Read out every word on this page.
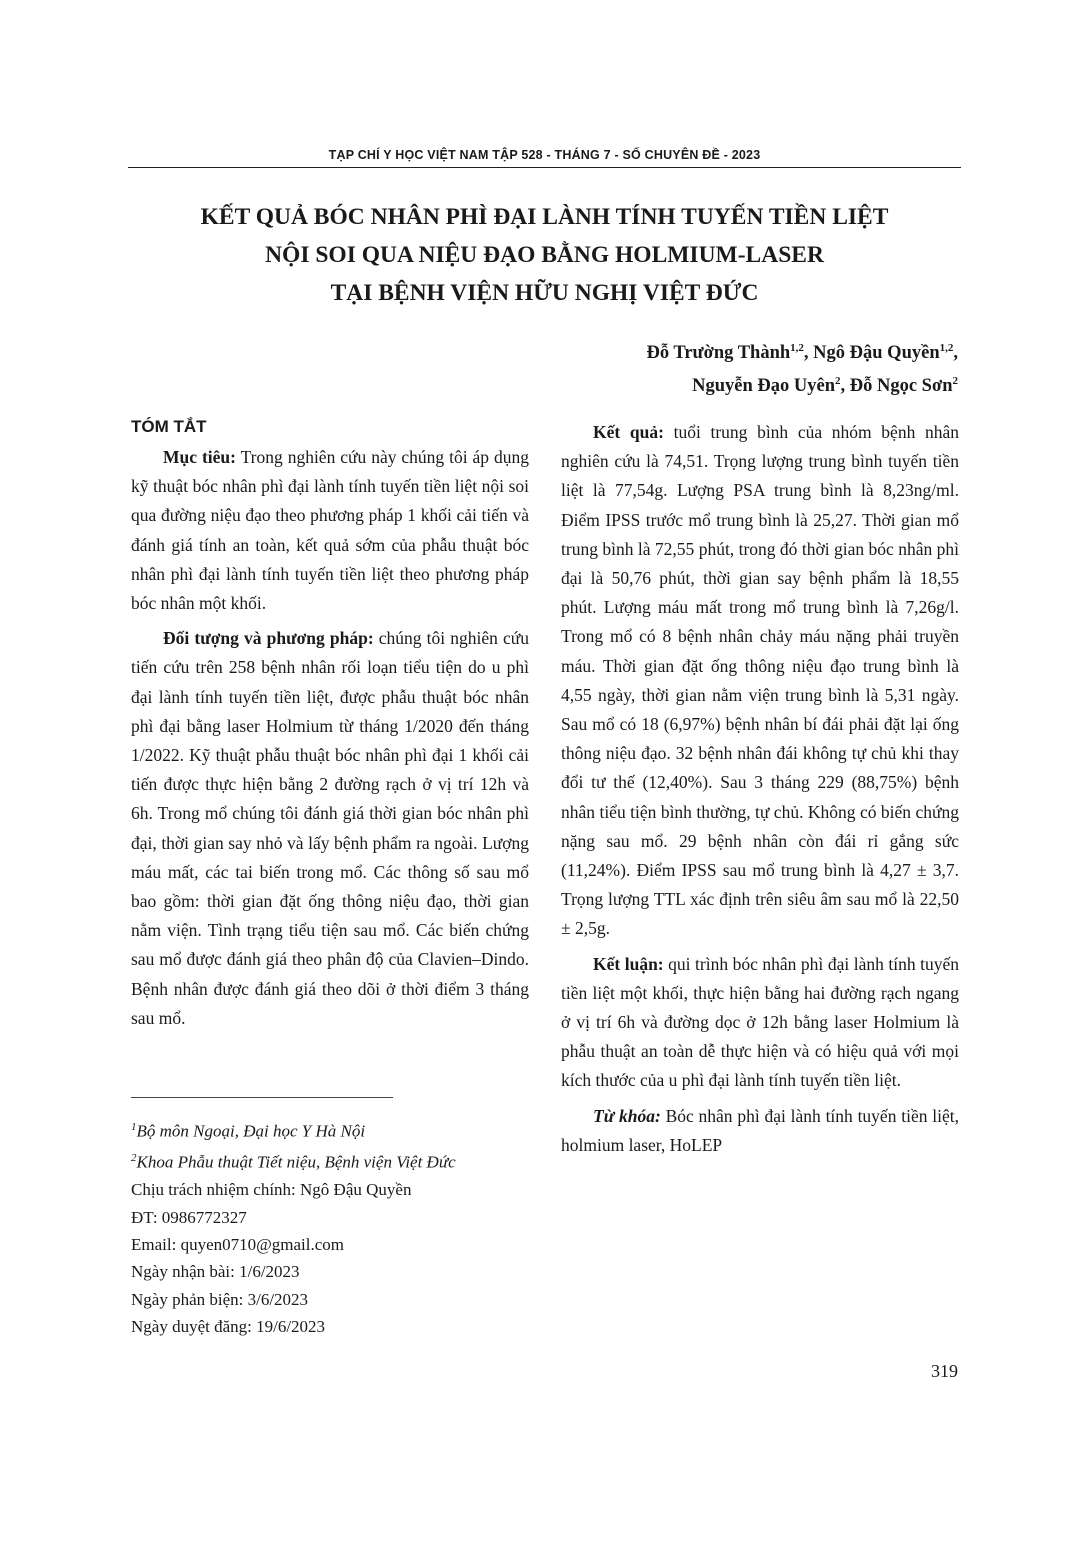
TẠP CHÍ Y HỌC VIỆT NAM TẬP 528 - THÁNG 7 - SỐ CHUYÊN ĐỀ - 2023
KẾT QUẢ BÓC NHÂN PHÌ ĐẠI LÀNH TÍNH TUYẾN TIỀN LIỆT
NỘI SOI QUA NIỆU ĐẠO BẰNG HOLMIUM-LASER
TẠI BỆNH VIỆN HỮU NGHỊ VIỆT ĐỨC
Đỗ Trường Thành$^{1,2}$, Ngô Đậu Quyền$^{1,2}$,
Nguyễn Đạo Uyên$^2$, Đỗ Ngọc Sơn$^2$
TÓM TẮT

Mục tiêu: Trong nghiên cứu này chúng tôi áp dụng kỹ thuật bóc nhân phì đại lành tính tuyến tiền liệt nội soi qua đường niệu đạo theo phương pháp 1 khối cải tiến và đánh giá tính an toàn, kết quả sớm của phẫu thuật bóc nhân phì đại lành tính tuyến tiền liệt theo phương pháp bóc nhân một khối.

Đối tượng và phương pháp: chúng tôi nghiên cứu tiến cứu trên 258 bệnh nhân rối loạn tiểu tiện do u phì đại lành tính tuyến tiền liệt, được phẫu thuật bóc nhân phì đại bằng laser Holmium từ tháng 1/2020 đến tháng 1/2022. Kỹ thuật phẫu thuật bóc nhân phì đại 1 khối cải tiến được thực hiện bằng 2 đường rạch ở vị trí 12h và 6h. Trong mổ chúng tôi đánh giá thời gian bóc nhân phì đại, thời gian say nhỏ và lấy bệnh phẩm ra ngoài. Lượng máu mất, các tai biến trong mổ. Các thông số sau mổ bao gồm: thời gian đặt ống thông niệu đạo, thời gian nằm viện. Tình trạng tiểu tiện sau mổ. Các biến chứng sau mổ được đánh giá theo phân độ của Clavien–Dindo. Bệnh nhân được đánh giá theo dõi ở thời điểm 3 tháng sau mổ.

Kết quả: tuổi trung bình của nhóm bệnh nhân nghiên cứu là 74,51. Trọng lượng trung bình tuyến tiền liệt là 77,54g. Lượng PSA trung bình là 8,23ng/ml. Điểm IPSS trước mổ trung bình là 25,27. Thời gian mổ trung bình là 72,55 phút, trong đó thời gian bóc nhân phì đại là 50,76 phút, thời gian say bệnh phẩm là 18,55 phút. Lượng máu mất trong mổ trung bình là 7,26g/l. Trong mổ có 8 bệnh nhân chảy máu nặng phải truyền máu. Thời gian đặt ống thông niệu đạo trung bình là 4,55 ngày, thời gian nằm viện trung bình là 5,31 ngày. Sau mổ có 18 (6,97%) bệnh nhân bí đái phải đặt lại ống thông niệu đạo. 32 bệnh nhân đái không tự chủ khi thay đổi tư thế (12,40%). Sau 3 tháng 229 (88,75%) bệnh nhân tiểu tiện bình thường, tự chủ. Không có biến chứng nặng sau mổ. 29 bệnh nhân còn đái rỉ gắng sức (11,24%). Điểm IPSS sau mổ trung bình là 4,27 ± 3,7. Trọng lượng TTL xác định trên siêu âm sau mổ là 22,50 ± 2,5g.

Kết luận: qui trình bóc nhân phì đại lành tính tuyến tiền liệt một khối, thực hiện bằng hai đường rạch ngang ở vị trí 6h và đường dọc ở 12h bằng laser Holmium là phẫu thuật an toàn dễ thực hiện và có hiệu quả với mọi kích thước của u phì đại lành tính tuyến tiền liệt.

Từ khóa: Bóc nhân phì đại lành tính tuyến tiền liệt, holmium laser, HoLEP

$^1$Bộ môn Ngoại, Đại học Y Hà Nội
$^2$Khoa Phẫu thuật Tiết niệu, Bệnh viện Việt Đức
Chịu trách nhiệm chính: Ngô Đậu Quyền
ĐT: 0986772327
Email: quyen0710@gmail.com
Ngày nhận bài: 1/6/2023
Ngày phản biện: 3/6/2023
Ngày duyệt đăng: 19/6/2023
319
